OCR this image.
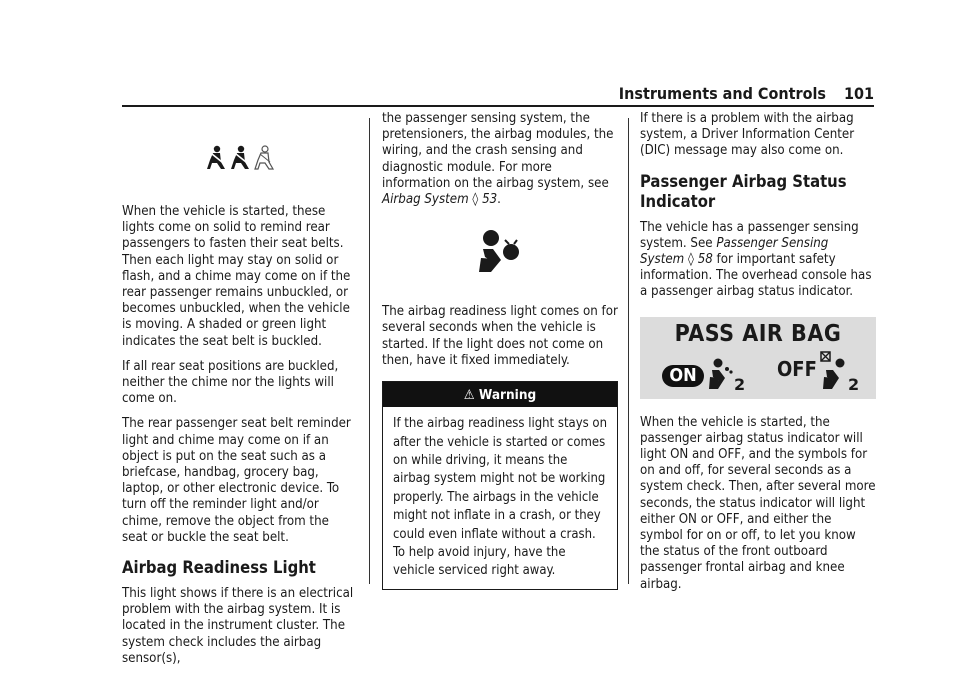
Instruments and Controls 101

When the vehicle is started, these lights come on solid to remind rear passengers to fasten their seat belts. Then each light may stay on solid or flash, and a chime may come on if the rear passenger remains unbuckled, or becomes unbuckled, when the vehicle is moving. A shaded or green light indicates the seat belt is buckled.

If all rear seat positions are buckled, neither the chime nor the lights will come on.

The rear passenger seat belt reminder light and chime may come on if an object is put on the seat such as a briefcase, handbag, grocery bag, laptop, or other electronic device. To turn off the reminder light and/or chime, remove the object from the seat or buckle the seat belt.

Airbag Readiness Light

This light shows if there is an electrical problem with the airbag system. It is located in the instrument cluster. The system check includes the airbag sensor(s),

the passenger sensing system, the pretensioners, the airbag modules, the wiring, and the crash sensing and diagnostic module. For more information on the airbag system, see Airbag System ◊ 53.

The airbag readiness light comes on for several seconds when the vehicle is started. If the light does not come on then, have it fixed immediately.

⚠ Warning
If the airbag readiness light stays on after the vehicle is started or comes on while driving, it means the airbag system might not be working properly. The airbags in the vehicle might not inflate in a crash, or they could even inflate without a crash. To help avoid injury, have the vehicle serviced right away.

If there is a problem with the airbag system, a Driver Information Center (DIC) message may also come on.

Passenger Airbag Status Indicator

The vehicle has a passenger sensing system. See Passenger Sensing System ◊ 58 for important safety information. The overhead console has a passenger airbag status indicator.

PASS AIR BAG
ON	2
OFF
2

When the vehicle is started, the passenger airbag status indicator will light ON and OFF, and the symbols for on and off, for several seconds as a system check. Then, after several more seconds, the status indicator will light either ON or OFF, and either the symbol for on or off, to let you know the status of the front outboard passenger frontal airbag and knee airbag.
